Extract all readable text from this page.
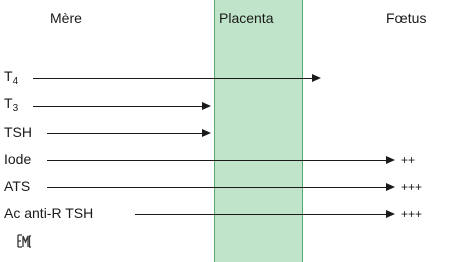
Mère	Placenta	Fœtus
$T_4$
$T_3$
TSH
Iode	++
ATS	+++
Ac anti-R TSH	+++
